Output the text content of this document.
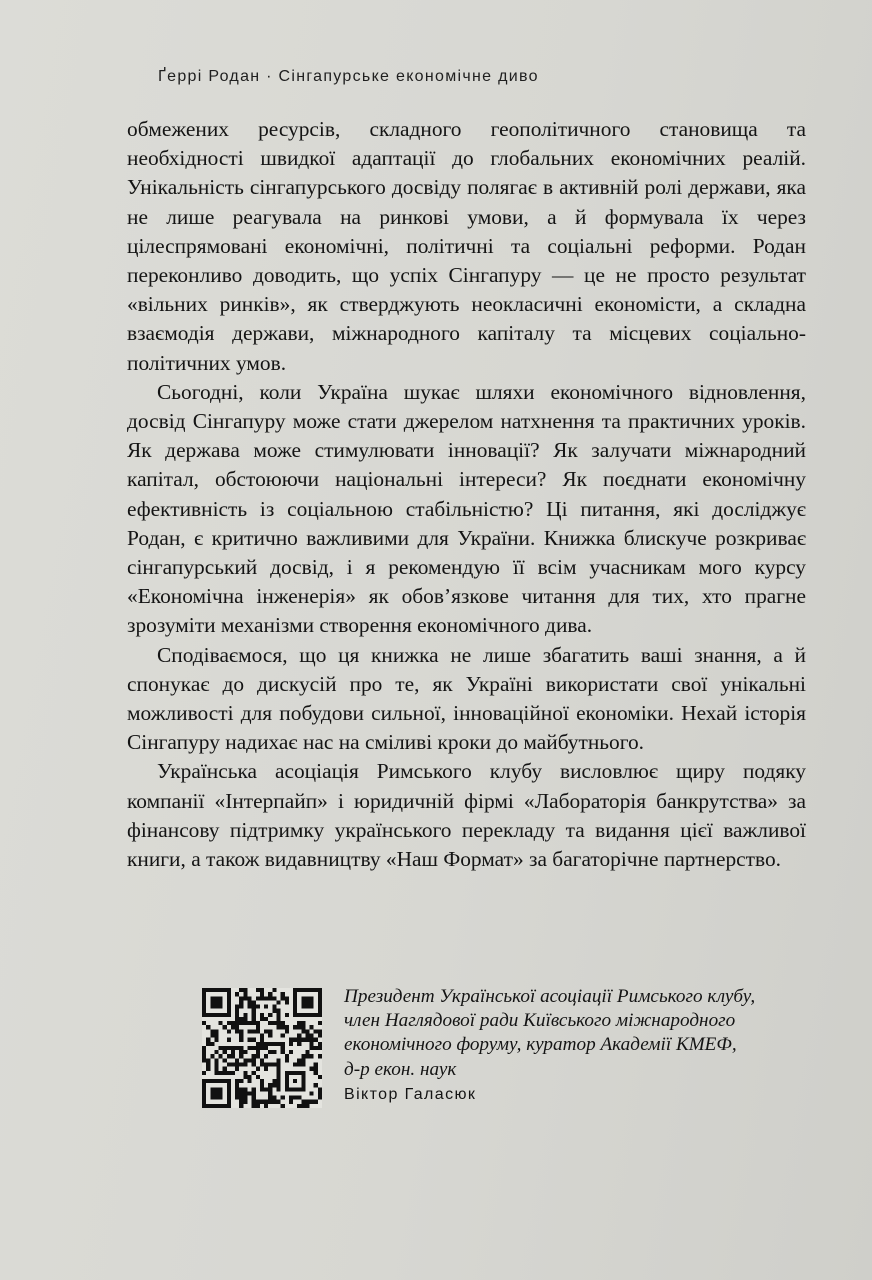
Ґеррі Родан · Сінгапурське економічне диво

обмежених ресурсів, складного геополітичного становища та необхідності швидкої адаптації до глобальних економічних реалій. Унікальність сінгапурського досвіду полягає в активній ролі держави, яка не лише реагувала на ринкові умови, а й формувала їх через цілеспрямовані економічні, політичні та соціальні реформи. Родан переконливо доводить, що успіх Сінгапуру — це не просто результат «вільних ринків», як стверджують неокласичні економісти, а складна взаємодія держави, міжнародного капіталу та місцевих соціально-політичних умов.

Сьогодні, коли Україна шукає шляхи економічного відновлення, досвід Сінгапуру може стати джерелом натхнення та практичних уроків. Як держава може стимулювати інновації? Як залучати міжнародний капітал, обстоюючи національні інтереси? Як поєднати економічну ефективність із соціальною стабільністю? Ці питання, які досліджує Родан, є критично важливими для України. Книжка блискуче розкриває сінгапурський досвід, і я рекомендую її всім учасникам мого курсу «Економічна інженерія» як обов’язкове читання для тих, хто прагне зрозуміти механізми створення економічного дива.

Сподіваємося, що ця книжка не лише збагатить ваші знання, а й спонукає до дискусій про те, як Україні використати свої унікальні можливості для побудови сильної, інноваційної економіки. Нехай історія Сінгапуру надихає нас на сміливі кроки до майбутнього.

Українська асоціація Римського клубу висловлює щиру подяку компанії «Інтерпайп» і юридичній фірмі «Лабораторія банкрутства» за фінансову підтримку українського перекладу та видання цієї важливої книги, а також видавництву «Наш Формат» за багаторічне партнерство.

Президент Української асоціації Римського клубу,
член Наглядової ради Київського міжнародного
економічного форуму, куратор Академії КМЕФ,
д-р екон. наук

Віктор Галасюк
